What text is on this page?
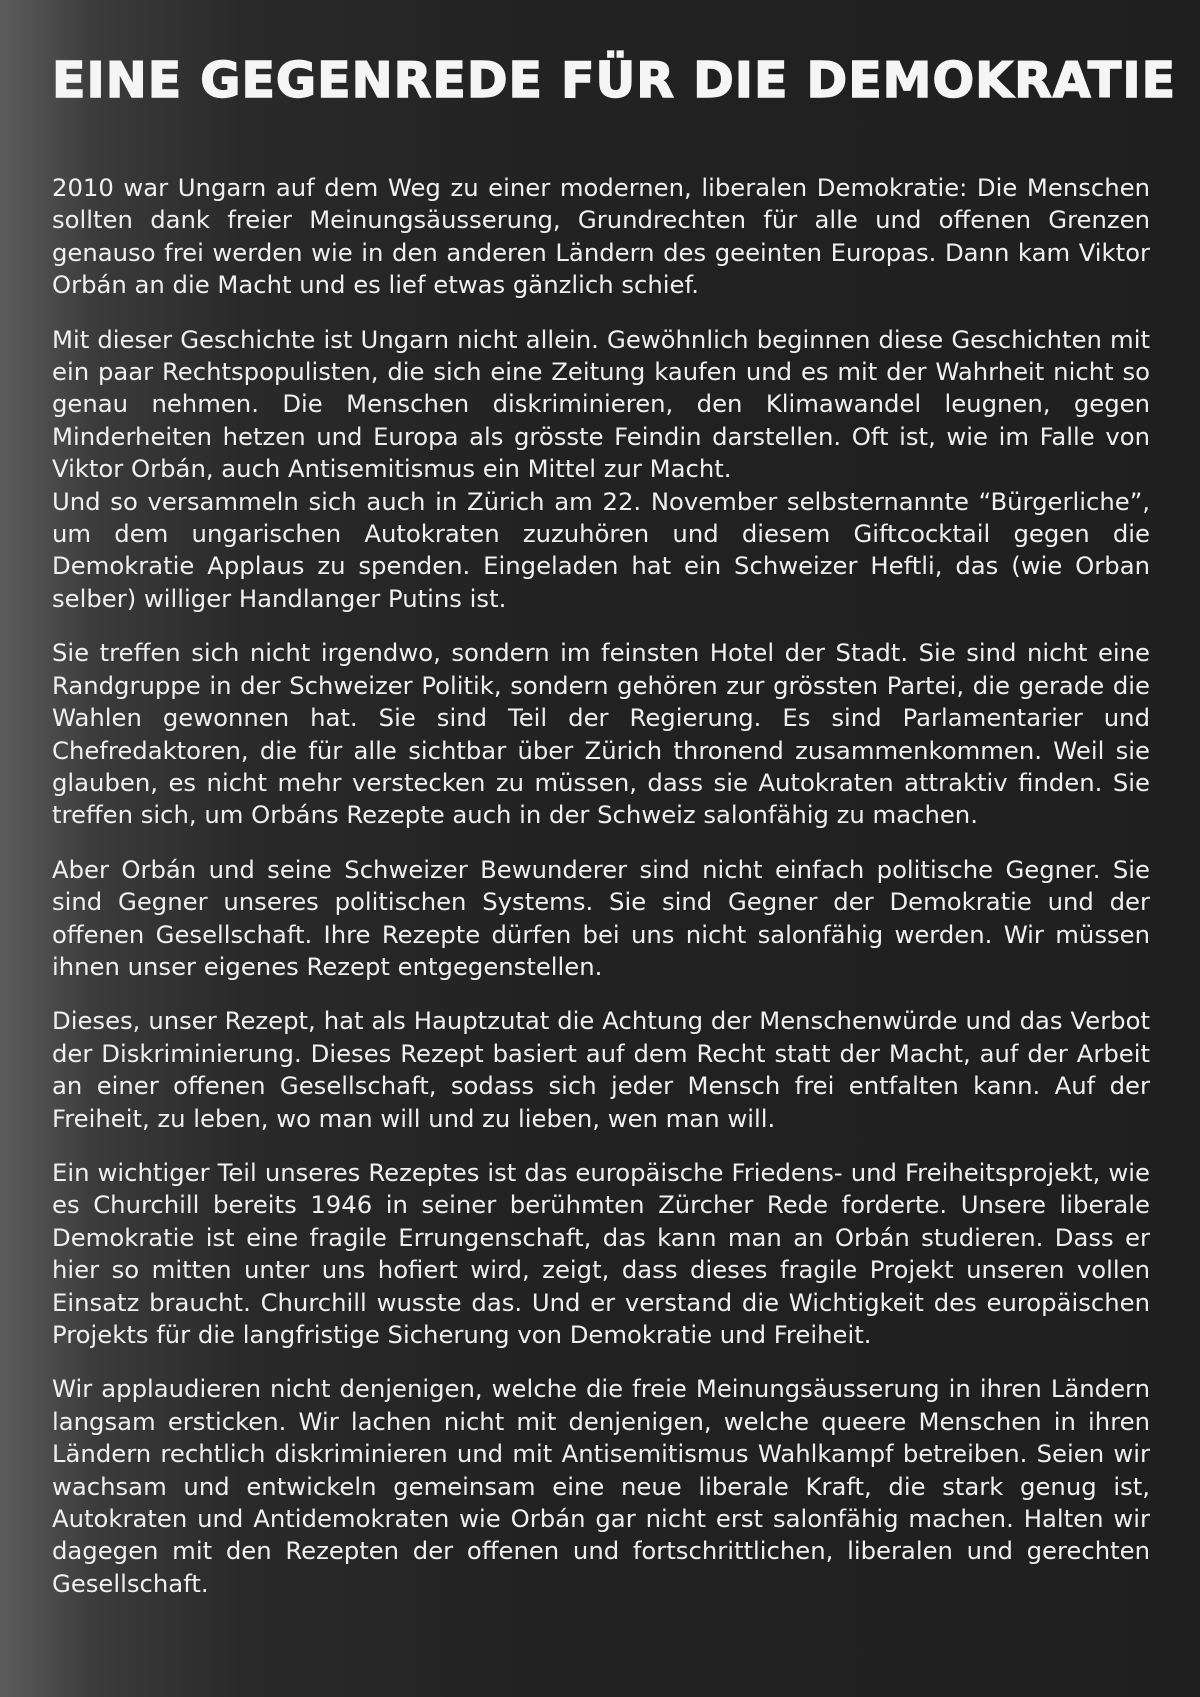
EINE GEGENREDE FÜR DIE DEMOKRATIE

2010 war Ungarn auf dem Weg zu einer modernen, liberalen Demokratie: Die Menschen sollten dank freier Meinungsäusserung, Grundrechten für alle und offenen Grenzen genauso frei werden wie in den anderen Ländern des geeinten Europas. Dann kam Viktor Orbán an die Macht und es lief etwas gänzlich schief.

Mit dieser Geschichte ist Ungarn nicht allein. Gewöhnlich beginnen diese Geschichten mit ein paar Rechtspopulisten, die sich eine Zeitung kaufen und es mit der Wahrheit nicht so genau nehmen. Die Menschen diskriminieren, den Klimawandel leugnen, gegen Minderheiten hetzen und Europa als grösste Feindin darstellen. Oft ist, wie im Falle von Viktor Orbán, auch Antisemitismus ein Mittel zur Macht.

Und so versammeln sich auch in Zürich am 22. November selbsternannte “Bürgerliche”, um dem ungarischen Autokraten zuzuhören und diesem Giftcocktail gegen die Demokratie Applaus zu spenden. Eingeladen hat ein Schweizer Heftli, das (wie Orban selber) williger Handlanger Putins ist.

Sie treffen sich nicht irgendwo, sondern im feinsten Hotel der Stadt. Sie sind nicht eine Randgruppe in der Schweizer Politik, sondern gehören zur grössten Partei, die gerade die Wahlen gewonnen hat. Sie sind Teil der Regierung. Es sind Parlamentarier und Chefredaktoren, die für alle sichtbar über Zürich thronend zusammenkommen. Weil sie glauben, es nicht mehr verstecken zu müssen, dass sie Autokraten attraktiv finden. Sie treffen sich, um Orbáns Rezepte auch in der Schweiz salonfähig zu machen.

Aber Orbán und seine Schweizer Bewunderer sind nicht einfach politische Gegner. Sie sind Gegner unseres politischen Systems. Sie sind Gegner der Demokratie und der offenen Gesellschaft. Ihre Rezepte dürfen bei uns nicht salonfähig werden. Wir müssen ihnen unser eigenes Rezept entgegenstellen.

Dieses, unser Rezept, hat als Hauptzutat die Achtung der Menschenwürde und das Verbot der Diskriminierung. Dieses Rezept basiert auf dem Recht statt der Macht, auf der Arbeit an einer offenen Gesellschaft, sodass sich jeder Mensch frei entfalten kann. Auf der Freiheit, zu leben, wo man will und zu lieben, wen man will.

Ein wichtiger Teil unseres Rezeptes ist das europäische Friedens- und Freiheitsprojekt, wie es Churchill bereits 1946 in seiner berühmten Zürcher Rede forderte. Unsere liberale Demokratie ist eine fragile Errungenschaft, das kann man an Orbán studieren. Dass er hier so mitten unter uns hofiert wird, zeigt, dass dieses fragile Projekt unseren vollen Einsatz braucht. Churchill wusste das. Und er verstand die Wichtigkeit des europäischen Projekts für die langfristige Sicherung von Demokratie und Freiheit.

Wir applaudieren nicht denjenigen, welche die freie Meinungsäusserung in ihren Ländern langsam ersticken. Wir lachen nicht mit denjenigen, welche queere Menschen in ihren Ländern rechtlich diskriminieren und mit Antisemitismus Wahlkampf betreiben. Seien wir wachsam und entwickeln gemeinsam eine neue liberale Kraft, die stark genug ist, Autokraten und Antidemokraten wie Orbán gar nicht erst salonfähig machen. Halten wir dagegen mit den Rezepten der offenen und fortschrittlichen, liberalen und gerechten Gesellschaft.
